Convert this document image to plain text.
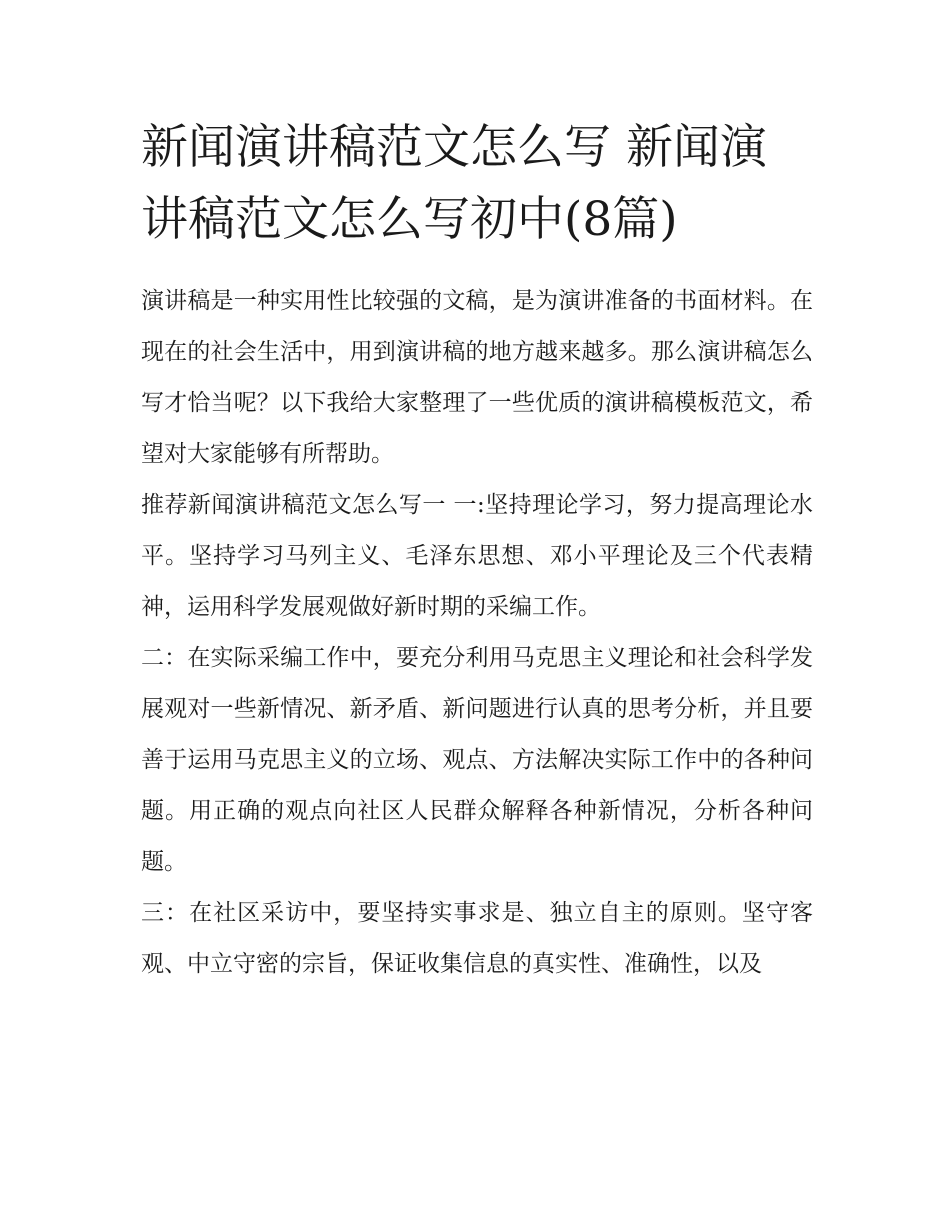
新闻演讲稿范文怎么写 新闻演讲稿范文怎么写初中(8篇)

演讲稿是一种实用性比较强的文稿，是为演讲准备的书面材料。在现在的社会生活中，用到演讲稿的地方越来越多。那么演讲稿怎么写才恰当呢？以下我给大家整理了一些优质的演讲稿模板范文，希望对大家能够有所帮助。

推荐新闻演讲稿范文怎么写一 一:坚持理论学习，努力提高理论水平。坚持学习马列主义、毛泽东思想、邓小平理论及三个代表精神，运用科学发展观做好新时期的采编工作。

二：在实际采编工作中，要充分利用马克思主义理论和社会科学发展观对一些新情况、新矛盾、新问题进行认真的思考分析，并且要善于运用马克思主义的立场、观点、方法解决实际工作中的各种问题。用正确的观点向社区人民群众解释各种新情况，分析各种问题。

三：在社区采访中，要坚持实事求是、独立自主的原则。坚守客观、中立守密的宗旨，保证收集信息的真实性、准确性，以及
